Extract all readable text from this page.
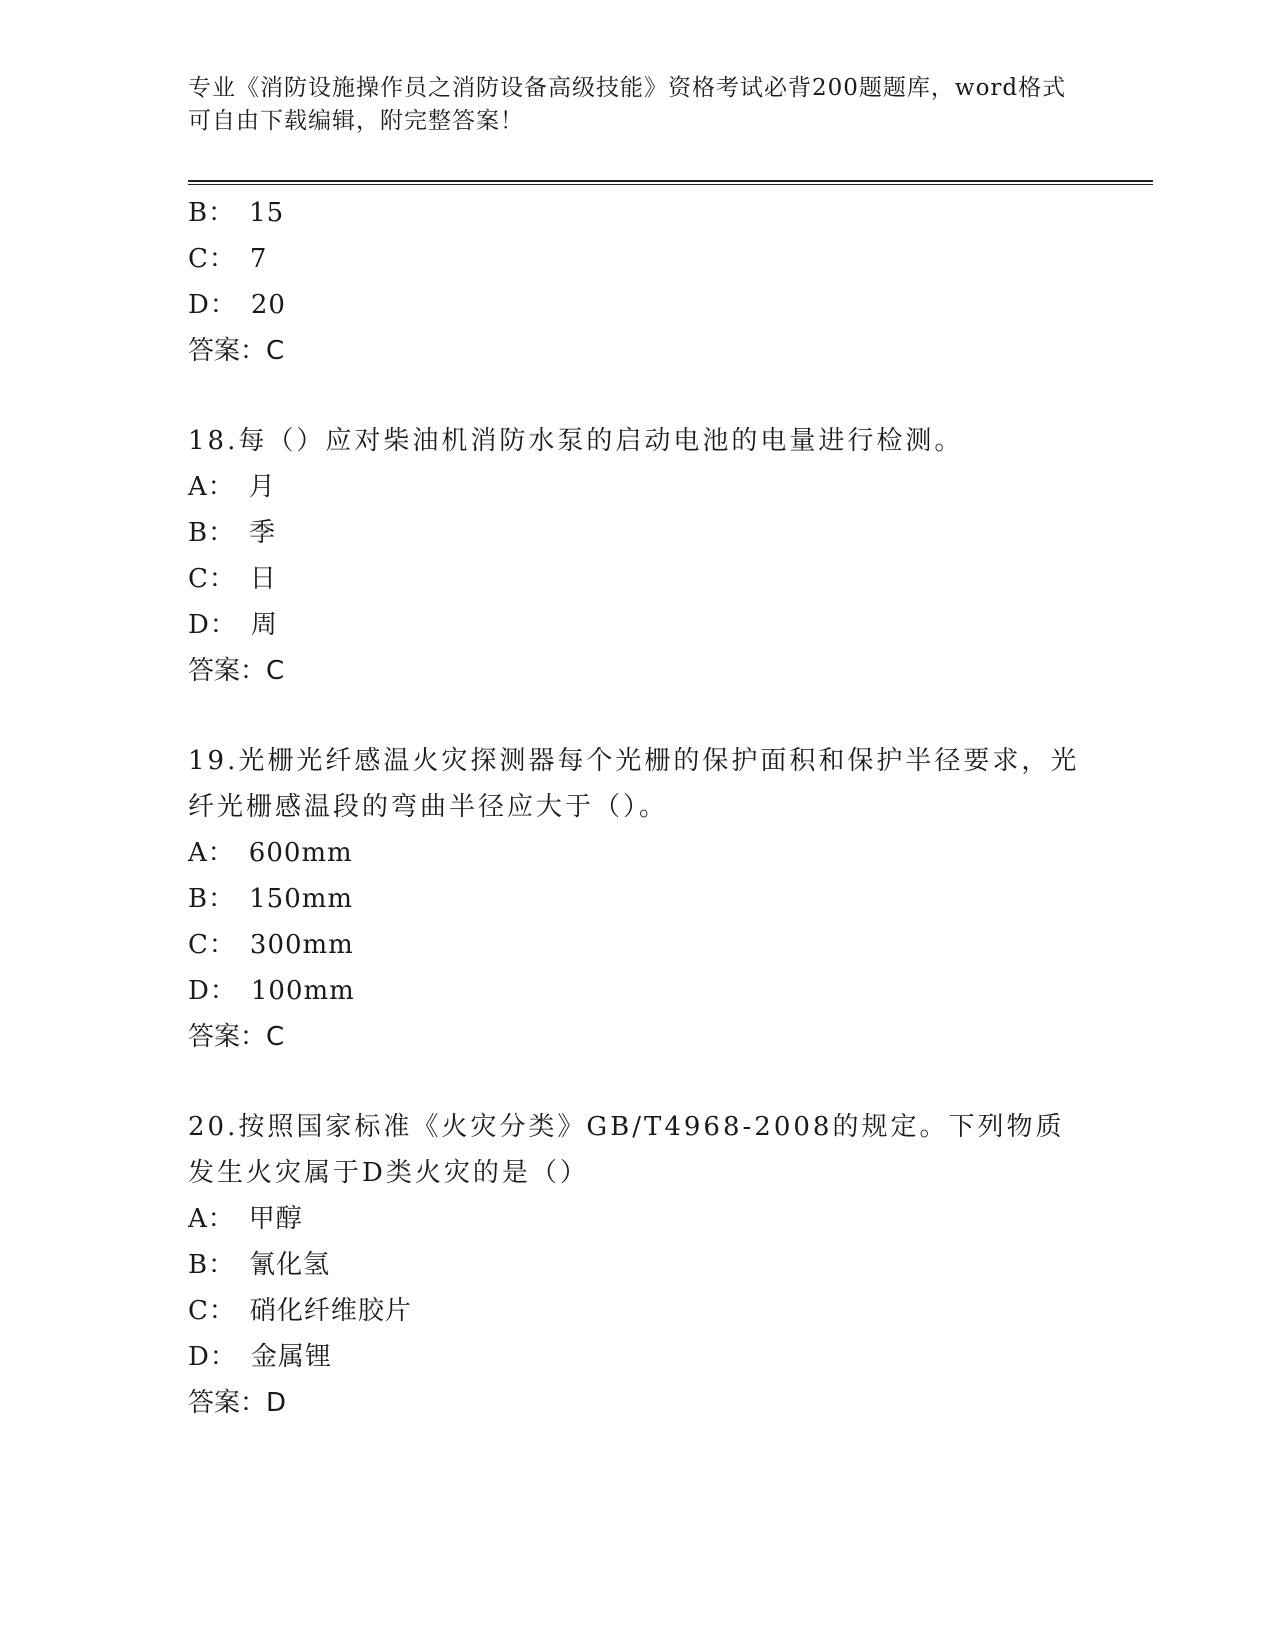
专业《消防设施操作员之消防设备高级技能》资格考试必背200题题库，word格式可自由下载编辑，附完整答案！
B： 15
C： 7
D： 20
答案：C
18.每（）应对柴油机消防水泵的启动电池的电量进行检测。
A： 月
B： 季
C： 日
D： 周
答案：C
19.光栅光纤感温火灾探测器每个光栅的保护面积和保护半径要求，光纤光栅感温段的弯曲半径应大于（）。
A： 600mm
B： 150mm
C： 300mm
D： 100mm
答案：C
20.按照国家标准《火灾分类》GB/T4968-2008的规定。下列物质发生火灾属于D类火灾的是（）
A： 甲醇
B： 氰化氢
C： 硝化纤维胶片
D： 金属锂
答案：D
